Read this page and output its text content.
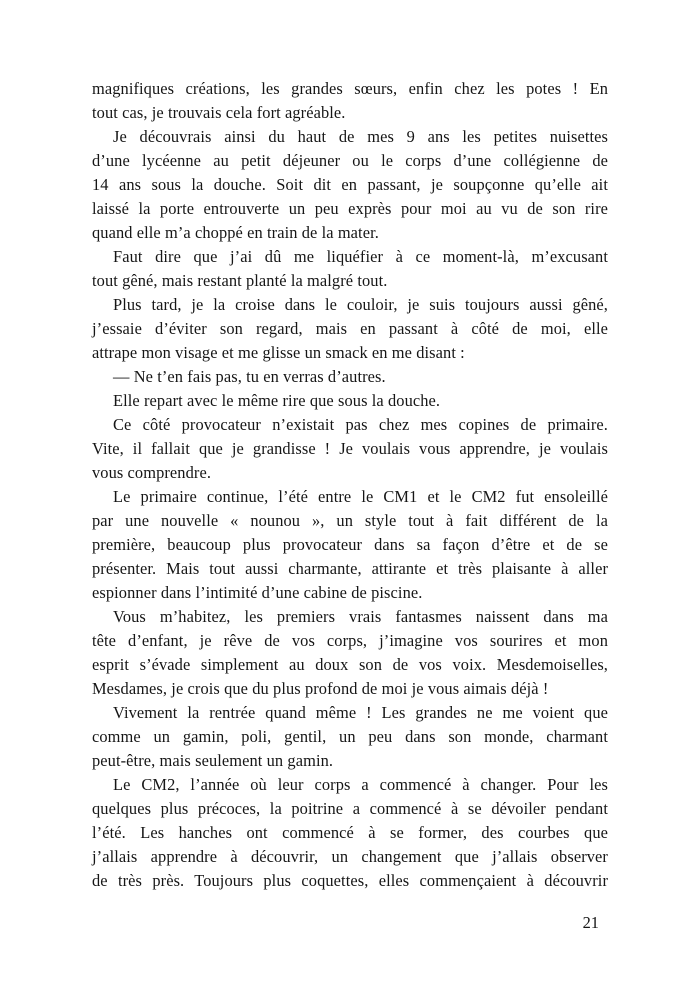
magnifiques créations, les grandes sœurs, enfin chez les potes ! En
tout cas, je trouvais cela fort agréable.
Je découvrais ainsi du haut de mes 9 ans les petites nuisettes
d’une lycéenne au petit déjeuner ou le corps d’une collégienne de
14 ans sous la douche. Soit dit en passant, je soupçonne qu’elle ait
laissé la porte entrouverte un peu exprès pour moi au vu de son rire
quand elle m’a choppé en train de la mater.
Faut dire que j’ai dû me liquéfier à ce moment-là, m’excusant
tout gêné, mais restant planté la malgré tout.
Plus tard, je la croise dans le couloir, je suis toujours aussi gêné,
j’essaie d’éviter son regard, mais en passant à côté de moi, elle
attrape mon visage et me glisse un smack en me disant :
— Ne t’en fais pas, tu en verras d’autres.
Elle repart avec le même rire que sous la douche.
Ce côté provocateur n’existait pas chez mes copines de primaire.
Vite, il fallait que je grandisse ! Je voulais vous apprendre, je voulais
vous comprendre.
Le primaire continue, l’été entre le CM1 et le CM2 fut ensoleillé
par une nouvelle « nounou », un style tout à fait différent de la
première, beaucoup plus provocateur dans sa façon d’être et de se
présenter. Mais tout aussi charmante, attirante et très plaisante à aller
espionner dans l’intimité d’une cabine de piscine.
Vous m’habitez, les premiers vrais fantasmes naissent dans ma
tête d’enfant, je rêve de vos corps, j’imagine vos sourires et mon
esprit s’évade simplement au doux son de vos voix. Mesdemoiselles,
Mesdames, je crois que du plus profond de moi je vous aimais déjà !
Vivement la rentrée quand même ! Les grandes ne me voient que
comme un gamin, poli, gentil, un peu dans son monde, charmant
peut-être, mais seulement un gamin.
Le CM2, l’année où leur corps a commencé à changer. Pour les
quelques plus précoces, la poitrine a commencé à se dévoiler pendant
l’été. Les hanches ont commencé à se former, des courbes que
j’allais apprendre à découvrir, un changement que j’allais observer
de très près. Toujours plus coquettes, elles commençaient à découvrir
21
